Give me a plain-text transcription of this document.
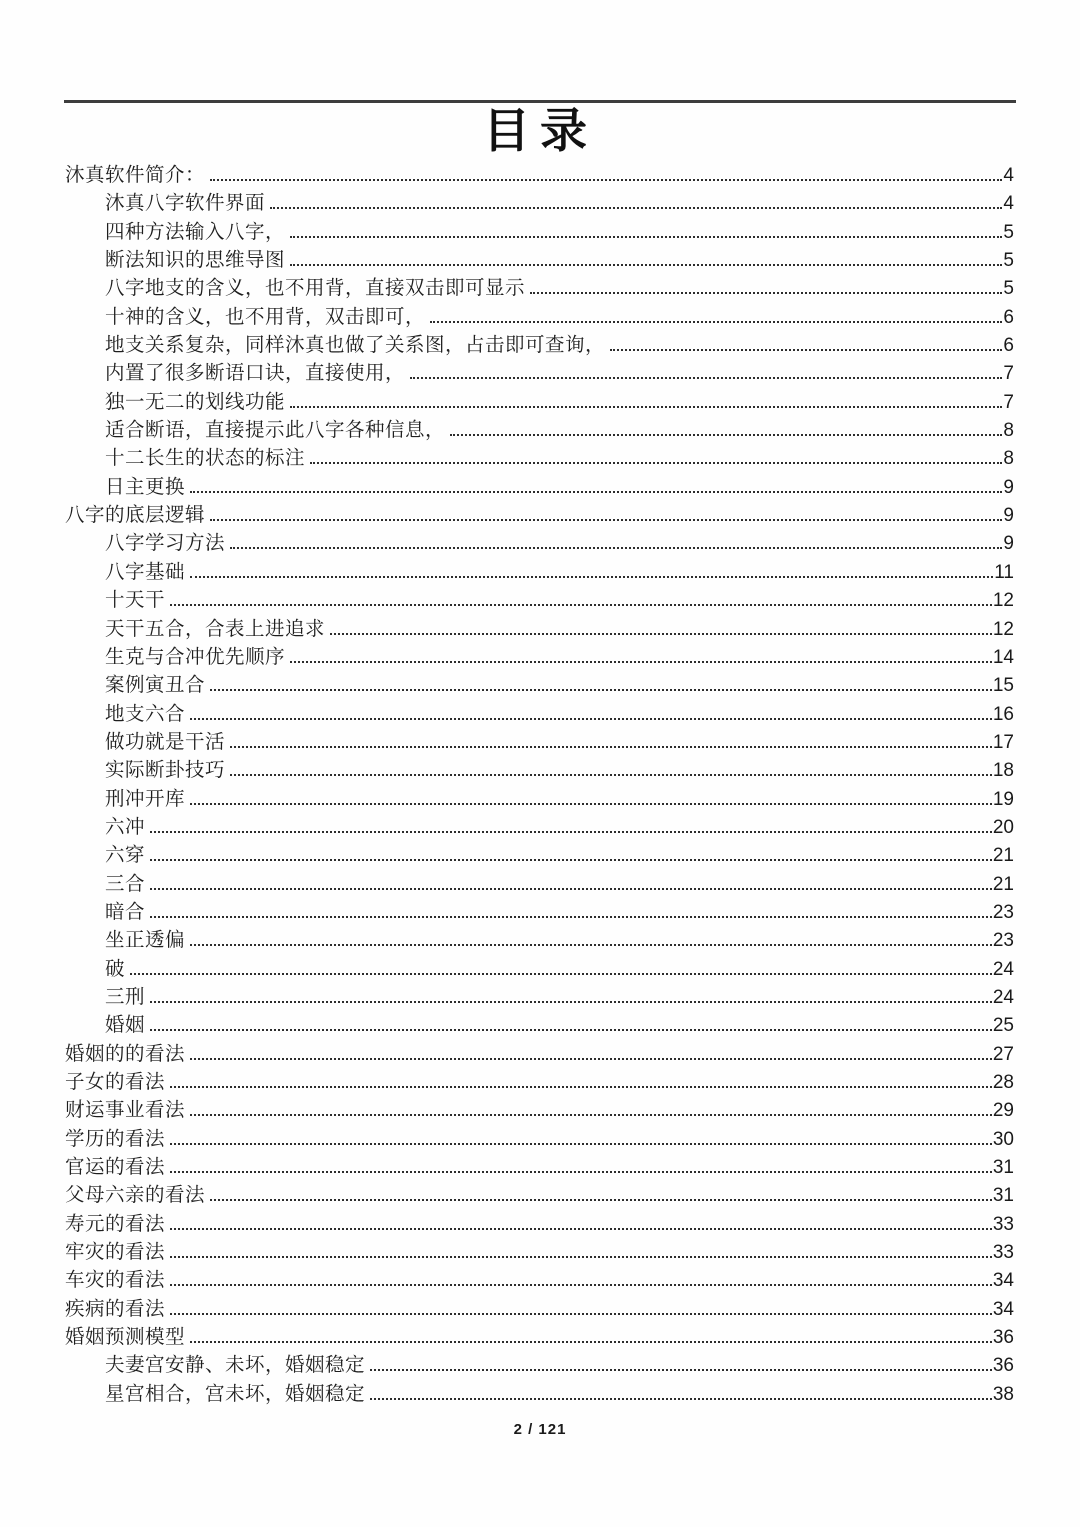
目录
沐真软件简介：	4
沐真八字软件界面	4
四种方法输入八字，	5
断法知识的思维导图	5
八字地支的含义，也不用背，直接双击即可显示	5
十神的含义，也不用背，双击即可，	6
地支关系复杂，同样沐真也做了关系图，占击即可查询，	6
内置了很多断语口诀，直接使用，	7
独一无二的划线功能	7
适合断语，直接提示此八字各种信息，	8
十二长生的状态的标注	8
日主更换	9
八字的底层逻辑	9
八字学习方法	9
八字基础	11
十天干	12
天干五合，合表上进追求	12
生克与合冲优先顺序	14
案例寅丑合	15
地支六合	16
做功就是干活	17
实际断卦技巧	18
刑冲开库	19
六冲	20
六穿	21
三合	21
暗合	23
坐正透偏	23
破	24
三刑	24
婚姻	25
婚姻的的看法	27
子女的看法	28
财运事业看法	29
学历的看法	30
官运的看法	31
父母六亲的看法	31
寿元的看法	33
牢灾的看法	33
车灾的看法	34
疾病的看法	34
婚姻预测模型	36
夫妻宫安静、未坏，婚姻稳定	36
星宫相合，宫未坏，婚姻稳定	38
2 / 121
